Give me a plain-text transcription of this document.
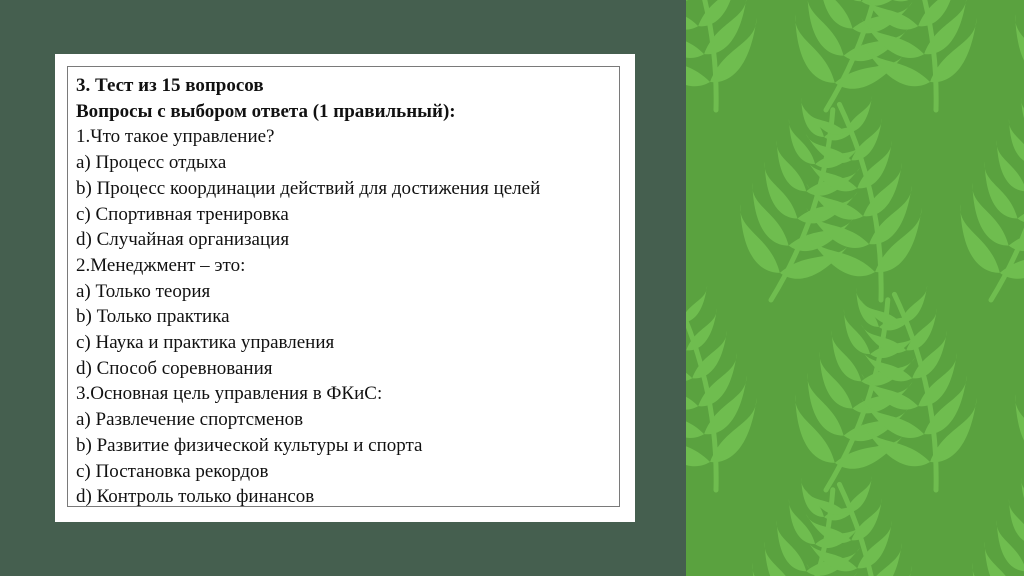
3. Тест из 15 вопросов
Вопросы с выбором ответа (1 правильный):
1.Что такое управление?
a) Процесс отдыха
b) Процесс координации действий для достижения целей
c) Спортивная тренировка
d) Случайная организация
2.Менеджмент – это:
a) Только теория
b) Только практика
c) Наука и практика управления
d) Способ соревнования
3.Основная цель управления в ФКиС:
a) Развлечение спортсменов
b) Развитие физической культуры и спорта
c) Постановка рекордов
d) Контроль только финансов
